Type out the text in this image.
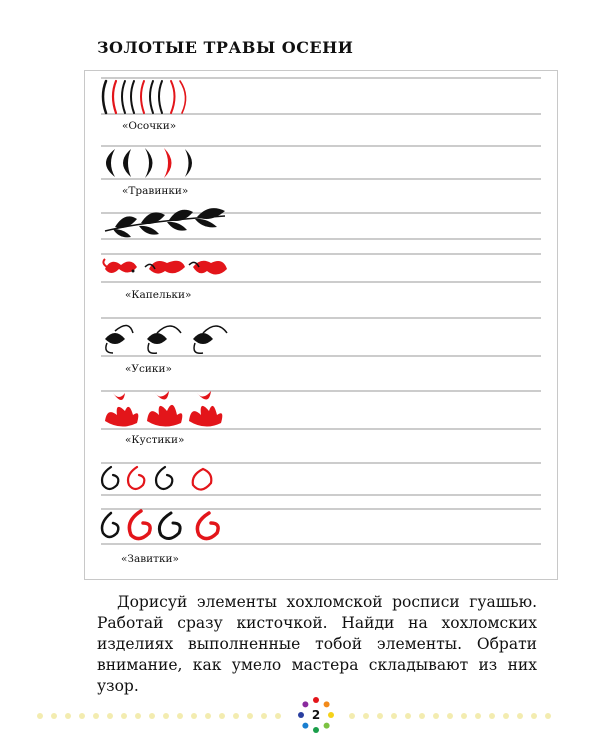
ЗОЛОТЫЕ ТРАВЫ ОСЕНИ
«Осочки»
«Травинки»
«Капельки»
«Усики»
«Кустики»
«Завитки»

Дорисуй элементы хохломской росписи гуашью. Работай сразу кисточкой. Найди на хохломских изделиях выполненные тобой элементы. Обрати внимание, как умело мастера складывают из них узор.

2
